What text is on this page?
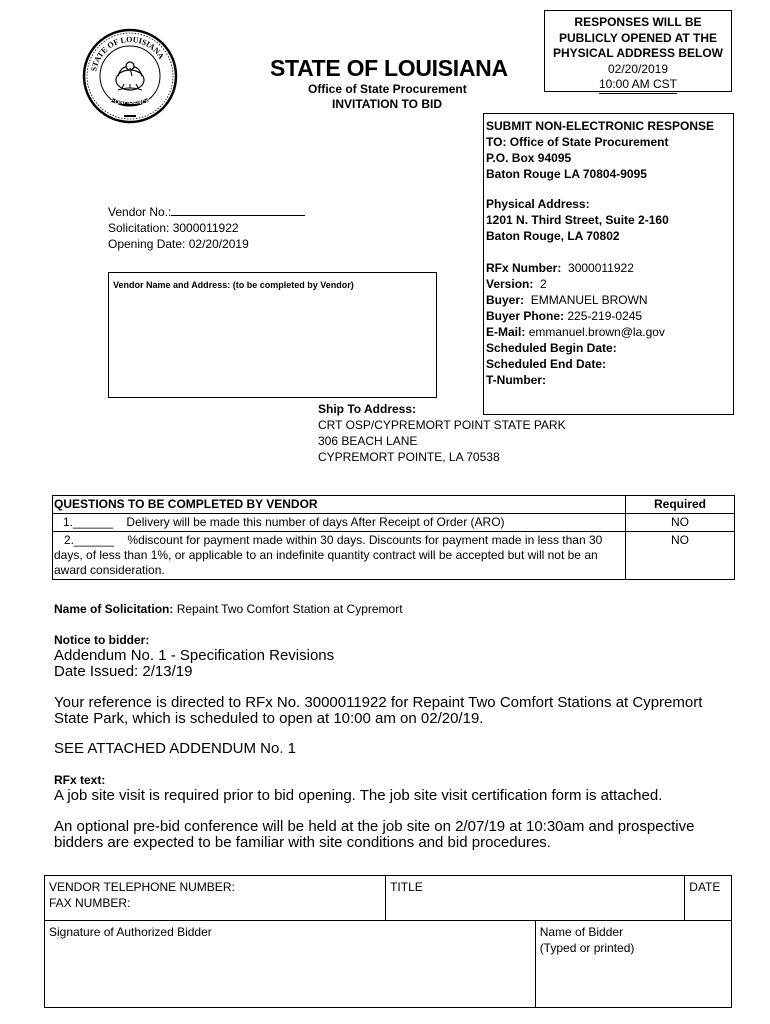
STATE OF LOUISIANA
CONFIDENCE
RESPONSES WILL BE
PUBLICLY OPENED AT THE
PHYSICAL ADDRESS BELOW
02/20/2019
10:00 AM CST
STATE OF LOUISIANA
Office of State Procurement
INVITATION TO BID
SUBMIT NON-ELECTRONIC RESPONSE
TO: Office of State Procurement
P.O. Box 94095
Baton Rouge LA 70804-9095
Physical Address:
1201 N. Third Street, Suite 2-160
Baton Rouge, LA 70802
RFx Number: 3000011922
Version: 2
Buyer: EMMANUEL BROWN
Buyer Phone: 225-219-0245
E-Mail: emmanuel.brown@la.gov
Scheduled Begin Date:
Scheduled End Date:
T-Number:
Vendor No.:
Solicitation: 3000011922
Opening Date: 02/20/2019
Vendor Name and Address: (to be completed by Vendor)
Ship To Address:
CRT OSP/CYPREMORT POINT STATE PARK
306 BEACH LANE
CYPREMORT POINTE, LA 70538
QUESTIONS TO BE COMPLETED BY VENDOR	Required
1.______ Delivery will be made this number of days After Receipt of Order (ARO)	NO
2.______ %discount for payment made within 30 days. Discounts for payment made in less than 30 days, of less than 1%, or applicable to an indefinite quantity contract will be accepted but will not be an award consideration.	NO
Name of Solicitation: Repaint Two Comfort Station at Cypremort
Notice to bidder:
Addendum No. 1 - Specification Revisions
Date Issued: 2/13/19
Your reference is directed to RFx No. 3000011922 for Repaint Two Comfort Stations at Cypremort State Park, which is scheduled to open at 10:00 am on 02/20/19.
SEE ATTACHED ADDENDUM No. 1
RFx text:
A job site visit is required prior to bid opening. The job site visit certification form is attached.
An optional pre-bid conference will be held at the job site on 2/07/19 at 10:30am and prospective bidders are expected to be familiar with site conditions and bid procedures.
VENDOR TELEPHONE NUMBER:
FAX NUMBER:	TITLE		DATE
Signature of Authorized Bidder		Name of Bidder
(Typed or printed)	
